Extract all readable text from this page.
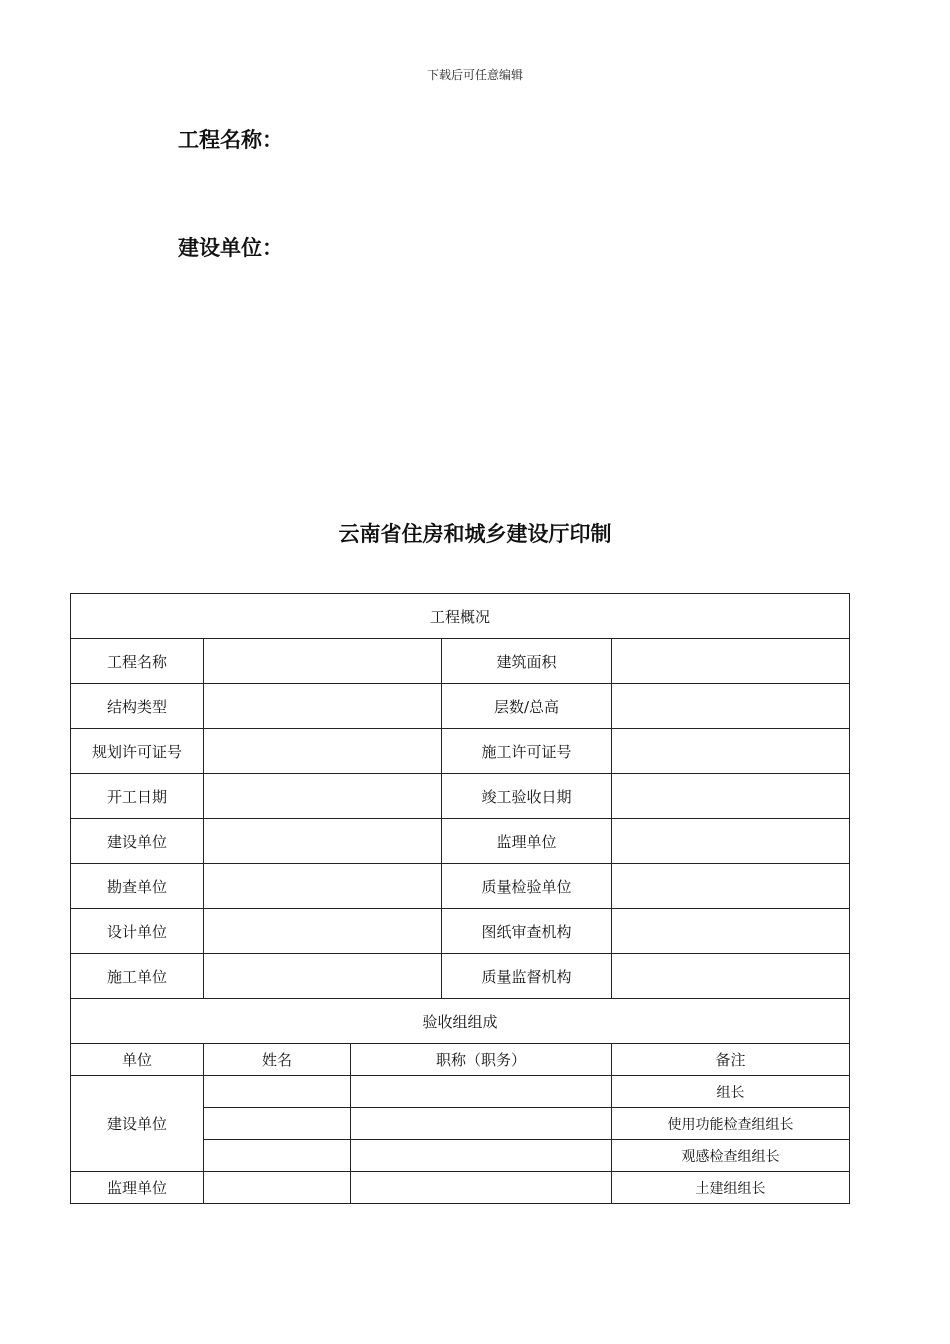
下载后可任意编辑
工程名称：
建设单位：
云南省住房和城乡建设厅印制
工程概况				
工程名称			建筑面积	
结构类型			层数/总高	
规划许可证号			施工许可证号	
开工日期			竣工验收日期	
建设单位			监理单位	
勘查单位			质量检验单位	
设计单位			图纸审查机构	
施工单位			质量监督机构	
验收组组成				
单位	姓名	职称（职务）		备注
建设单位				组长
				使用功能检查组组长
				观感检查组组长
监理单位				土建组组长
